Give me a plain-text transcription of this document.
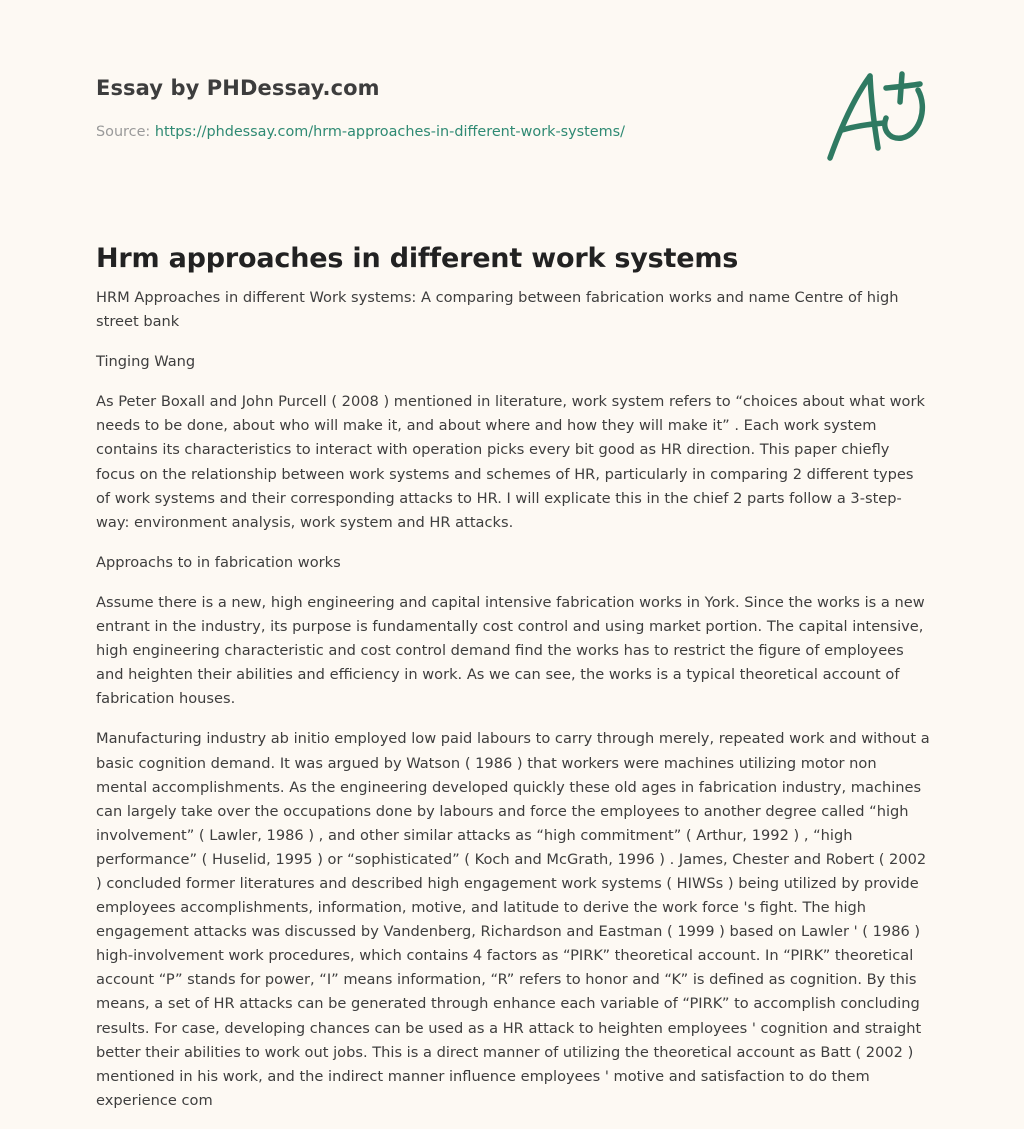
Essay by PHDessay.com
Source: https://phdessay.com/hrm-approaches-in-different-work-systems/
Hrm approaches in different work systems

HRM Approaches in different Work systems: A comparing between fabrication works and name Centre of high street bank

Tinging Wang

As Peter Boxall and John Purcell ( 2008 ) mentioned in literature, work system refers to “choices about what work needs to be done, about who will make it, and about where and how they will make it” . Each work system contains its characteristics to interact with operation picks every bit good as HR direction. This paper chiefly focus on the relationship between work systems and schemes of HR, particularly in comparing 2 different types of work systems and their corresponding attacks to HR. I will explicate this in the chief 2 parts follow a 3-step-way: environment analysis, work system and HR attacks.

Approachs to in fabrication works

Assume there is a new, high engineering and capital intensive fabrication works in York. Since the works is a new entrant in the industry, its purpose is fundamentally cost control and using market portion. The capital intensive, high engineering characteristic and cost control demand find the works has to restrict the figure of employees and heighten their abilities and efficiency in work. As we can see, the works is a typical theoretical account of fabrication houses.

Manufacturing industry ab initio employed low paid labours to carry through merely, repeated work and without a basic cognition demand. It was argued by Watson ( 1986 ) that workers were machines utilizing motor non mental accomplishments. As the engineering developed quickly these old ages in fabrication industry, machines can largely take over the occupations done by labours and force the employees to another degree called “high involvement” ( Lawler, 1986 ) , and other similar attacks as “high commitment” ( Arthur, 1992 ) , “high performance” ( Huselid, 1995 ) or “sophisticated” ( Koch and McGrath, 1996 ) . James, Chester and Robert ( 2002 ) concluded former literatures and described high engagement work systems ( HIWSs ) being utilized by provide employees accomplishments, information, motive, and latitude to derive the work force 's fight. The high engagement attacks was discussed by Vandenberg, Richardson and Eastman ( 1999 ) based on Lawler ' ( 1986 ) high-involvement work procedures, which contains 4 factors as “PIRK” theoretical account. In “PIRK” theoretical account “P” stands for power, “I” means information, “R” refers to honor and “K” is defined as cognition. By this means, a set of HR attacks can be generated through enhance each variable of “PIRK” to accomplish concluding results. For case, developing chances can be used as a HR attack to heighten employees ' cognition and straight better their abilities to work out jobs. This is a direct manner of utilizing the theoretical account as Batt ( 2002 ) mentioned in his work, and the indirect manner influence employees ' motive and satisfaction to do them experience com
